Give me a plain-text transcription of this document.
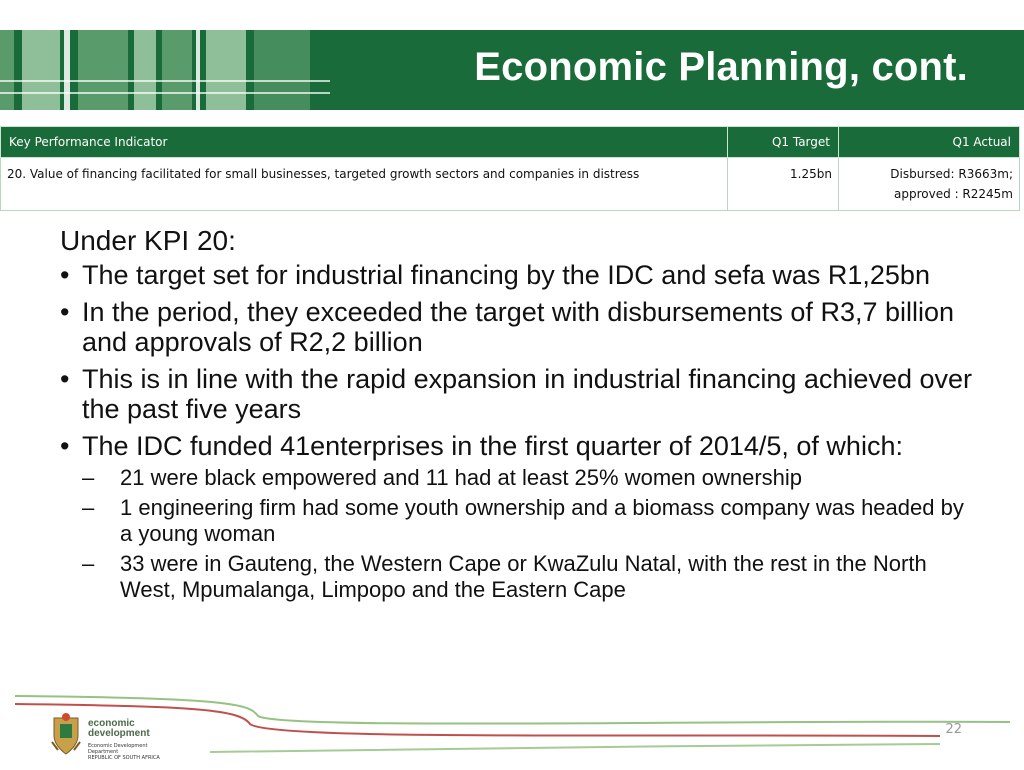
Economic Planning, cont.
Key Performance Indicator	Q1 Target	Q1 Actual
20. Value of financing facilitated for small businesses, targeted growth sectors and companies in distress	1.25bn	Disbursed: R3663m;
approved : R2245m

Under KPI 20:

• The target set for industrial financing by the IDC and sefa was R1,25bn
• In the period, they exceeded the target with disbursements of R3,7 billion and approvals of R2,2 billion
• This is in line with the rapid expansion in industrial financing achieved over the past five years
• The IDC funded 41enterprises in the first quarter of 2014/5, of which:
– 21 were black empowered and 11 had at least 25% women ownership
– 1 engineering firm had some youth ownership and a biomass company was headed by a young woman
– 33 were in Gauteng, the Western Cape or KwaZulu Natal, with the rest in the North West, Mpumalanga, Limpopo and the Eastern Cape
economic
development
Economic Development Department
REPUBLIC OF SOUTH AFRICA
22
